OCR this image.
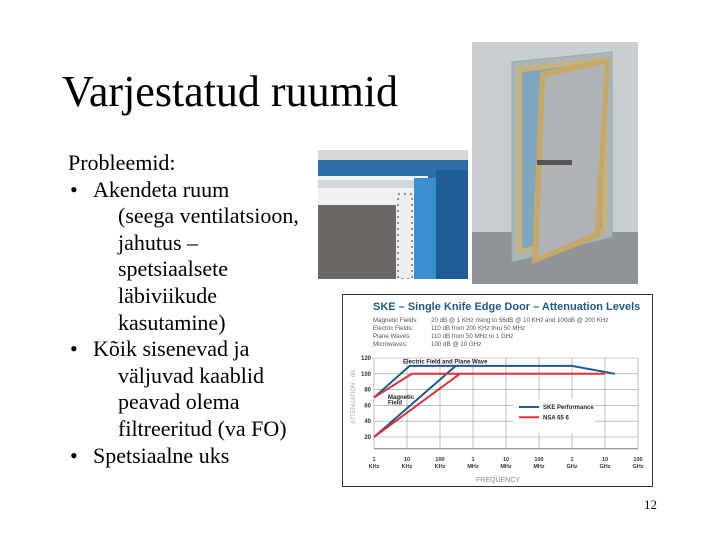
Varjestatud ruumid
Probleemid:
• Akendeta ruum
(seega ventilatsioon,
jahutus –
spetsiaalsete
läbiviikude
kasutamine)
• Kõik sisenevad ja
väljuvad kaablid
peavad olema
filtreeritud (va FO)
• Spetsiaalne uks
SKE – Single Knife Edge Door – Attenuation Levels
Magnetic Fields: 20 dB @ 1 KHz rising to 56dB @ 10 KHz and 100dB @ 200 KHz
Electric Fields:	110 dB from 200 KHz thru 50 MHz
Plane Waves:	110 dB from 50 MHz to 1 GHz
Microwaves:	100 dB @ 10 GHz
20
40
60
80
100
120
1
KHz
10
KHz
100
KHz
1
MHz
10
MHz
100
MHz
1
GHz
10
GHz
100
GHz
FREQUENCY
ATTENUATION - dB
Electric Field and Plane Wave
Magnetic
Field
SKE Performance
NSA 65 6
12
